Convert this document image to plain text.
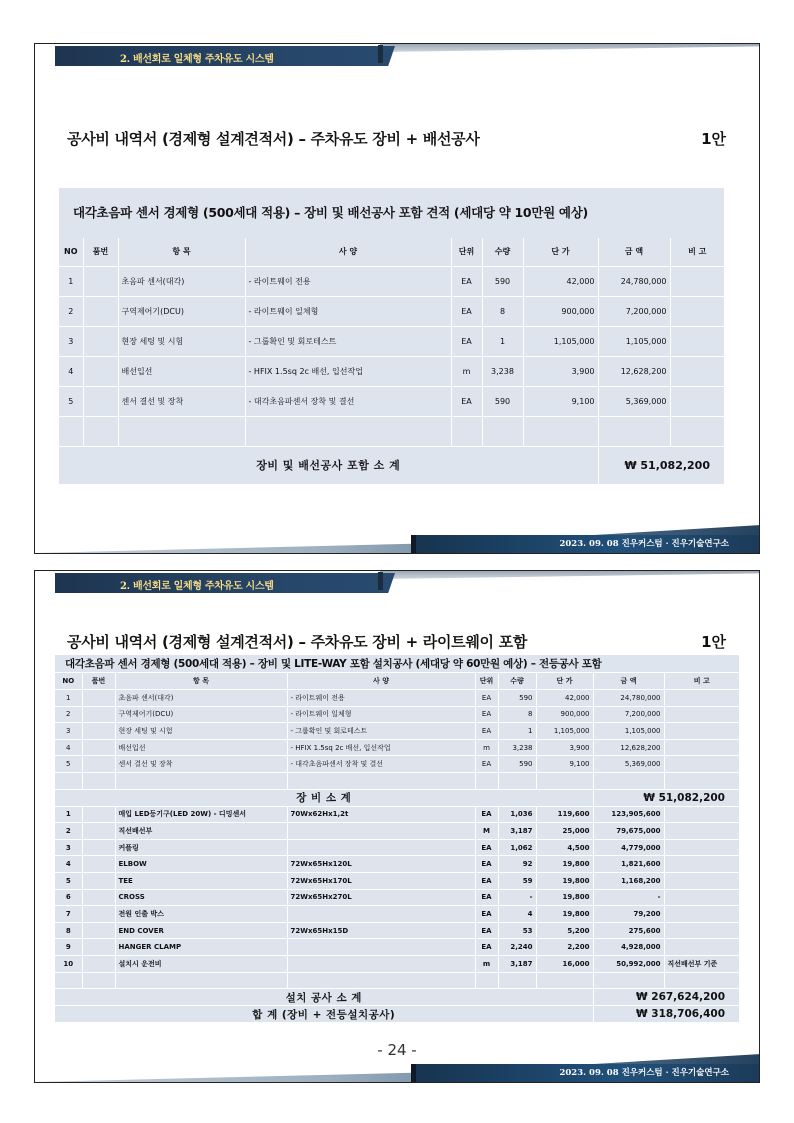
2. 배선회로 일체형 주차유도 시스템
공사비 내역서 (경제형 설계견적서) – 주차유도 장비 + 배선공사	1안
대각초음파 센서 경제형 (500세대 적용) – 장비 및 배선공사 포함 견적 (세대당 약 10만원 예상)
NO	품번	항 목	사 양	단위	수량	단 가	금 액	비 고
1		초음파 센서(대각)	- 라이트웨이 전용	EA	590	42,000	24,780,000	
2		구역제어기(DCU)	- 라이트웨이 일체형	EA	8	900,000	7,200,000	
3		현장 세팅 및 시험	- 그룹확인 및 회로테스트	EA	1	1,105,000	1,105,000	
4		배선입선	- HFIX 1.5sq 2c 배선, 입선작업	m	3,238	3,900	12,628,200	
5		센서 결선 및 장착	- 대각초음파센서 장착 및 결선	EA	590	9,100	5,369,000	

장비 및 배선공사 포함 소 계							₩ 51,082,200	
2023. 09. 08 진우커스텀 · 진우기술연구소
2. 배선회로 일체형 주차유도 시스템
공사비 내역서 (경제형 설계견적서) – 주차유도 장비 + 라이트웨이 포함	1안
대각초음파 센서 경제형 (500세대 적용) – 장비 및 LITE-WAY 포함 설치공사 (세대당 약 60만원 예상) – 전등공사 포함
NO	품번	항 목	사 양	단위	수량	단 가	금 액	비 고
1		초음파 센서(대각)	- 라이트웨이 전용	EA	590	42,000	24,780,000	
2		구역제어기(DCU)	- 라이트웨이 일체형	EA	8	900,000	7,200,000	
3		현장 세팅 및 시험	- 그룹확인 및 회로테스트	EA	1	1,105,000	1,105,000	
4		배선입선	- HFIX 1.5sq 2c 배선, 입선작업	m	3,238	3,900	12,628,200	
5		센서 결선 및 장착	- 대각초음파센서 장착 및 결선	EA	590	9,100	5,369,000	

장 비 소 계							₩ 51,082,200	
1		매입 LED등기구(LED 20W) - 디밍센서	70Wx62Hx1,2t	EA	1,036	119,600	123,905,600	
2		직선배선부		M	3,187	25,000	79,675,000	
3		커플링		EA	1,062	4,500	4,779,000	
4		ELBOW	72Wx65Hx120L	EA	92	19,800	1,821,600	
5		TEE	72Wx65Hx170L	EA	59	19,800	1,168,200	
6		CROSS	72Wx65Hx270L	EA	-	19,800	-	
7		전원 인출 박스		EA	4	19,800	79,200	
8		END COVER	72Wx65Hx15D	EA	53	5,200	275,600	
9		HANGER CLAMP		EA	2,240	2,200	4,928,000	
10		설치시 운전비		m	3,187	16,000	50,992,000	직선배선부 기준

설치 공사 소 계							₩ 267,624,200	
합 계 (장비 + 전등설치공사)							₩ 318,706,400	
2023. 09. 08 진우커스텀 · 진우기술연구소
- 24 -
